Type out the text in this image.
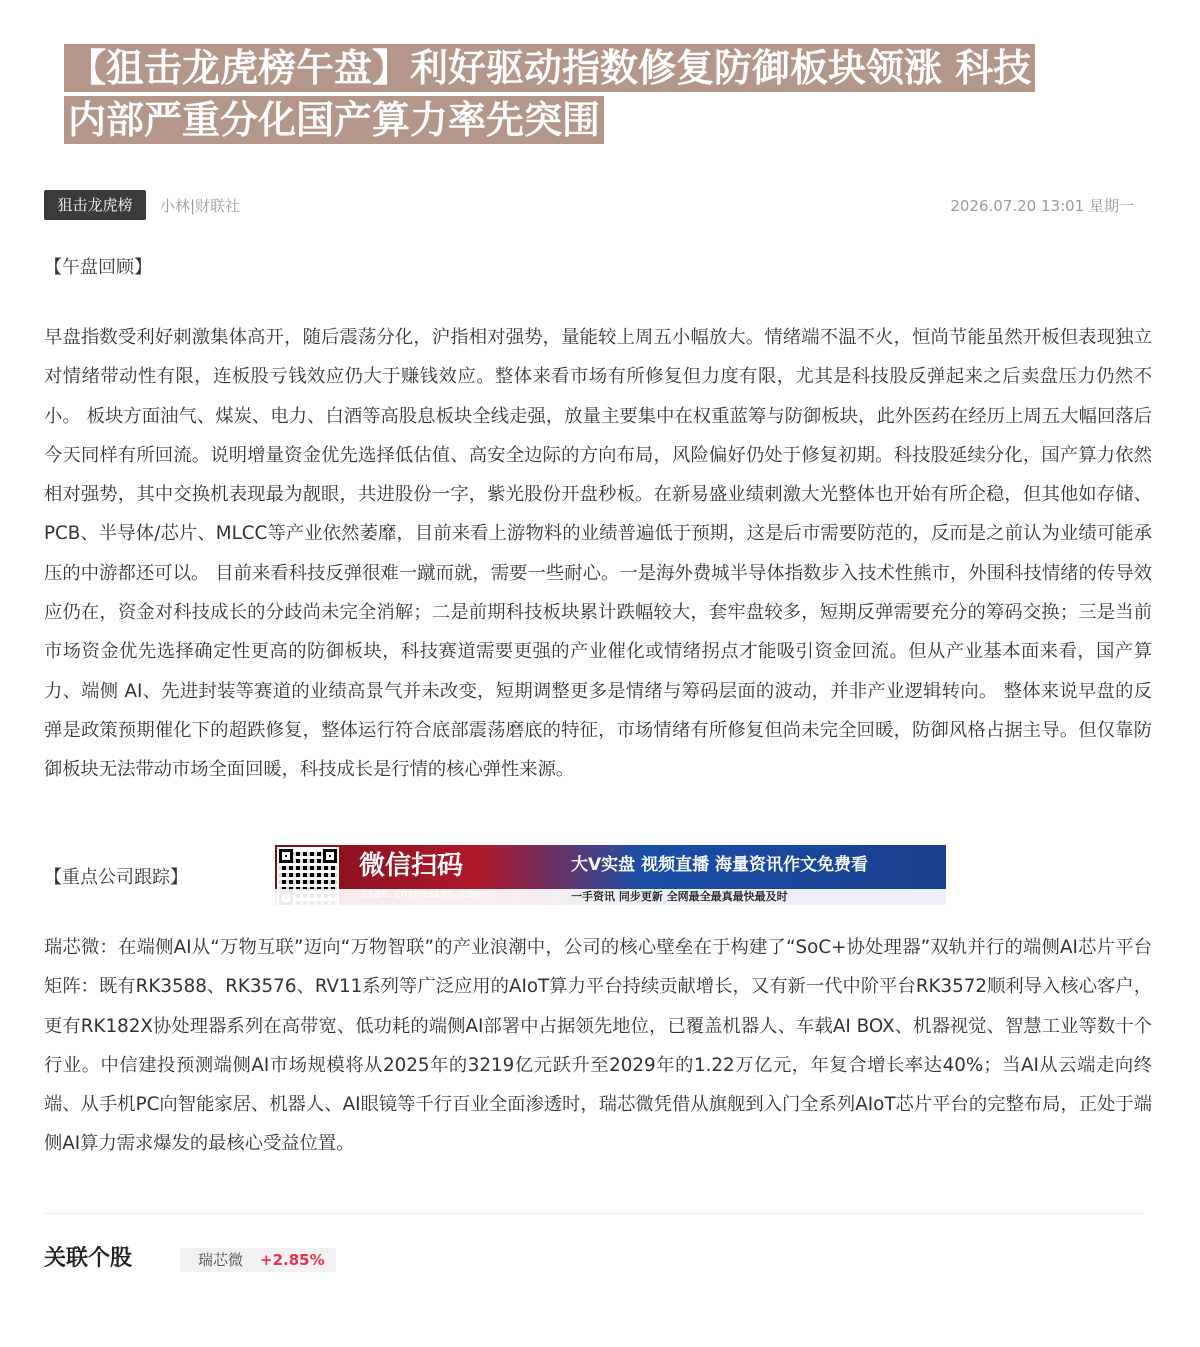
【狙击龙虎榜午盘】利好驱动指数修复防御板块领涨 科技
内部严重分化国产算力率先突围
狙击龙虎榜	小林|财联社	2026.07.20 13:01 星期一
【午盘回顾】
早盘指数受利好刺激集体高开，随后震荡分化，沪指相对强势，量能较上周五小幅放大。情绪端不温不火，恒尚节能虽然开板但表现独立对情绪带动性有限，连板股亏钱效应仍大于赚钱效应。整体来看市场有所修复但力度有限，尤其是科技股反弹起来之后卖盘压力仍然不小。 板块方面油气、煤炭、电力、白酒等高股息板块全线走强，放量主要集中在权重蓝筹与防御板块，此外医药在经历上周五大幅回落后今天同样有所回流。说明增量资金优先选择低估值、高安全边际的方向布局，风险偏好仍处于修复初期。科技股延续分化，国产算力依然相对强势，其中交换机表现最为靓眼，共进股份一字，紫光股份开盘秒板。在新易盛业绩刺激大光整体也开始有所企稳，但其他如存储、PCB、半导体/芯片、MLCC等产业依然萎靡，目前来看上游物料的业绩普遍低于预期，这是后市需要防范的，反而是之前认为业绩可能承压的中游都还可以。 目前来看科技反弹很难一蹴而就，需要一些耐心。一是海外费城半导体指数步入技术性熊市，外围科技情绪的传导效应仍在，资金对科技成长的分歧尚未完全消解；二是前期科技板块累计跌幅较大，套牢盘较多，短期反弹需要充分的筹码交换；三是当前市场资金优先选择确定性更高的防御板块，科技赛道需要更强的产业催化或情绪拐点才能吸引资金回流。但从产业基本面来看，国产算力、端侧 AI、先进封装等赛道的业绩高景气并未改变，短期调整更多是情绪与筹码层面的波动，并非产业逻辑转向。 整体来说早盘的反弹是政策预期催化下的超跌修复，整体运行符合底部震荡磨底的特征，市场情绪有所修复但尚未完全回暖，防御风格占据主导。但仅靠防御板块无法带动市场全面回暖，科技成长是行情的核心弹性来源。
【重点公司跟踪】	微信扫码	大V实盘 视频直播 海量资讯作文免费看
一手资讯 同步更新 全网最全最真最快最及时
瑞芯微：在端侧AI从“万物互联”迈向“万物智联”的产业浪潮中，公司的核心壁垒在于构建了“SoC+协处理器”双轨并行的端侧AI芯片平台矩阵：既有RK3588、RK3576、RV11系列等广泛应用的AIoT算力平台持续贡献增长，又有新一代中阶平台RK3572顺利导入核心客户，更有RK182X协处理器系列在高带宽、低功耗的端侧AI部署中占据领先地位，已覆盖机器人、车载AI BOX、机器视觉、智慧工业等数十个行业。中信建投预测端侧AI市场规模将从2025年的3219亿元跃升至2029年的1.22万亿元，年复合增长率达40%；当AI从云端走向终端、从手机PC向智能家居、机器人、AI眼镜等千行百业全面渗透时，瑞芯微凭借从旗舰到入门全系列AIoT芯片平台的完整布局，正处于端侧AI算力需求爆发的最核心受益位置。
关联个股	瑞芯微 +2.85%
